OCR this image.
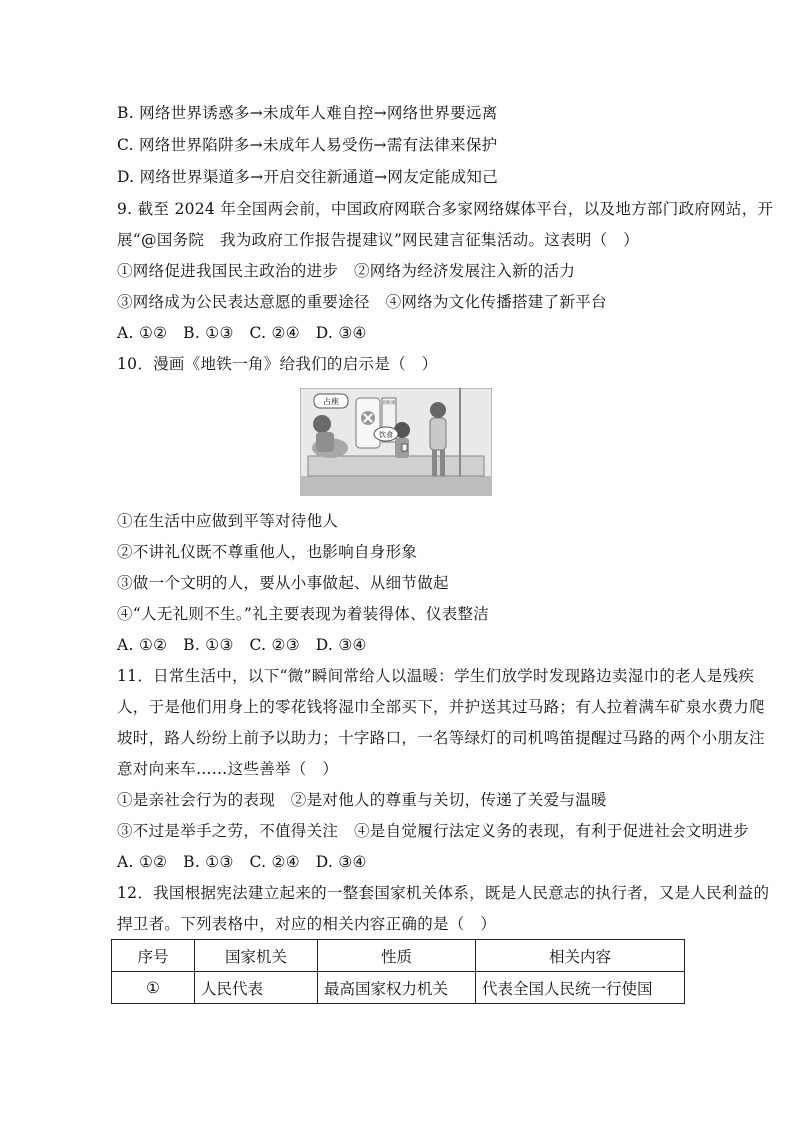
B. 网络世界诱惑多→未成年人难自控→网络世界要远离
C. 网络世界陷阱多→未成年人易受伤→需有法律来保护
D. 网络世界渠道多→开启交往新通道→网友定能成知己
9. 截至 2024 年全国两会前，中国政府网联合多家网络媒体平台，以及地方部门政府网站，开
展“@国务院　我为政府工作报告提建议”网民建言征集活动。这表明（　）
①网络促进我国民主政治的进步　②网络为经济发展注入新的活力
③网络成为公民表达意愿的重要途径　④网络为文化传播搭建了新平台
A. ①②　B. ①③　C. ②④　D. ③④
10．漫画《地铁一角》给我们的启示是（　）
占座
饮食
①在生活中应做到平等对待他人
②不讲礼仪既不尊重他人，也影响自身形象
③做一个文明的人，要从小事做起、从细节做起
④“人无礼则不生。”礼主要表现为着装得体、仪表整洁
A. ①②　B. ①③　C. ②③　D. ③④
11．日常生活中，以下“微”瞬间常给人以温暖：学生们放学时发现路边卖湿巾的老人是残疾
人，于是他们用身上的零花钱将湿巾全部买下，并护送其过马路；有人拉着满车矿泉水费力爬
坡时，路人纷纷上前予以助力；十字路口，一名等绿灯的司机鸣笛提醒过马路的两个小朋友注
意对向来车……这些善举（　）
①是亲社会行为的表现　②是对他人的尊重与关切，传递了关爱与温暖
③不过是举手之劳，不值得关注　④是自觉履行法定义务的表现，有利于促进社会文明进步
A. ①②　B. ①③　C. ②④　D. ③④
12．我国根据宪法建立起来的一整套国家机关体系，既是人民意志的执行者，又是人民利益的
捍卫者。下列表格中，对应的相关内容正确的是（　）
序号	国家机关	性质	相关内容
①	人民代表	最高国家权力机关	代表全国人民统一行使国
